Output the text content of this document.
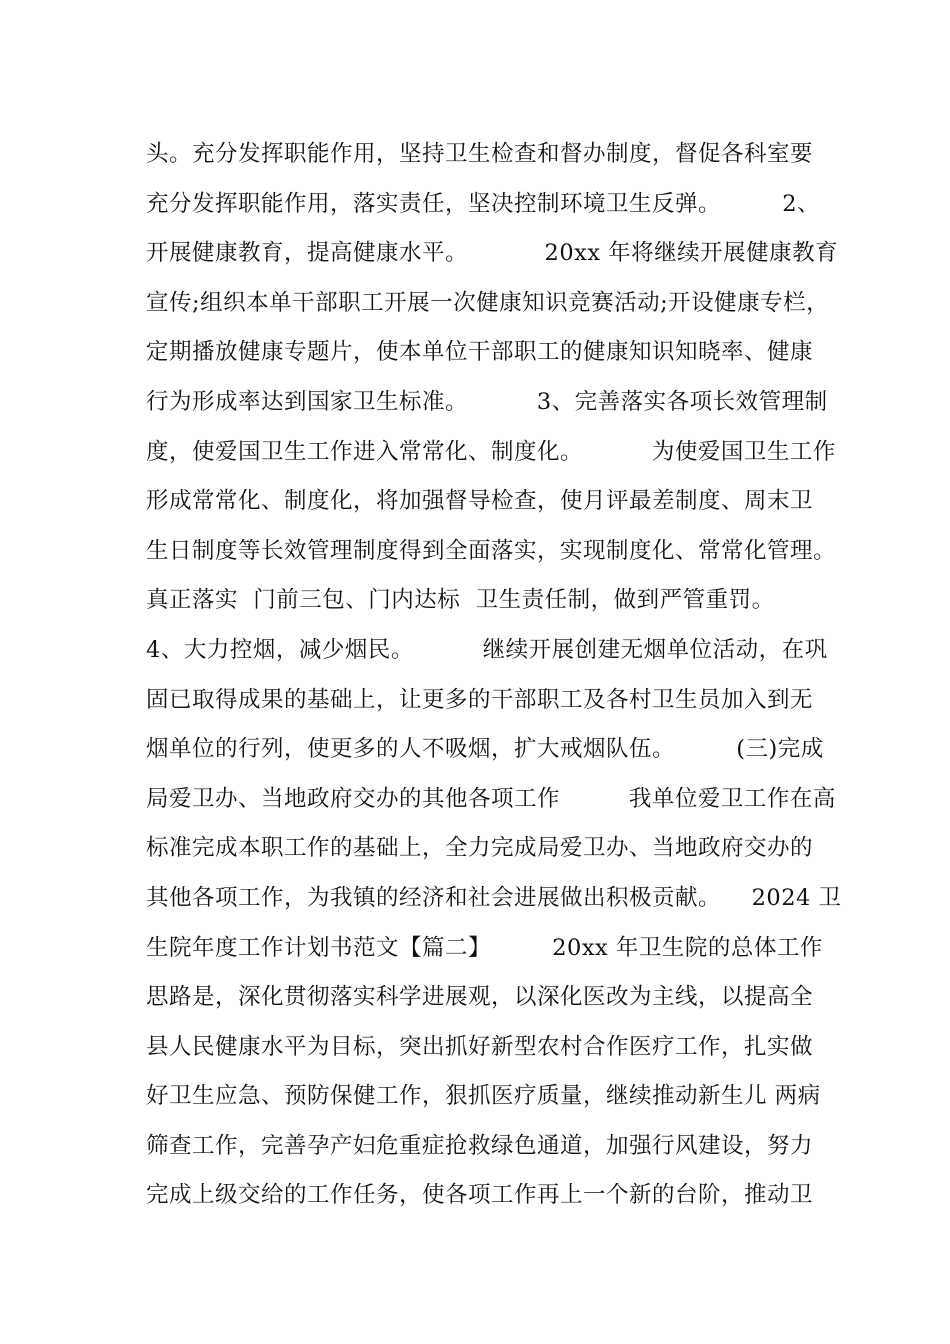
头。充分发挥职能作用，坚持卫生检查和督办制度，督促各科室要
充分发挥职能作用，落实责任，坚决控制环境卫生反弹。        2、
开展健康教育，提高健康水平。          20xx 年将继续开展健康教育
宣传;组织本单干部职工开展一次健康知识竞赛活动;开设健康专栏，
定期播放健康专题片，使本单位干部职工的健康知识知晓率、健康
行为形成率达到国家卫生标准。         3、完善落实各项长效管理制
度，使爱国卫生工作进入常常化、制度化。         为使爱国卫生工作
形成常常化、制度化，将加强督导检查，使月评最差制度、周末卫
生日制度等长效管理制度得到全面落实，实现制度化、常常化管理。
真正落实  门前三包、门内达标  卫生责任制，做到严管重罚。
4、大力控烟，减少烟民。         继续开展创建无烟单位活动，在巩
固已取得成果的基础上，让更多的干部职工及各村卫生员加入到无
烟单位的行列，使更多的人不吸烟，扩大戒烟队伍。        (三)完成
局爱卫办、当地政府交办的其他各项工作         我单位爱卫工作在高
标准完成本职工作的基础上，全力完成局爱卫办、当地政府交办的
其他各项工作，为我镇的经济和社会进展做出积极贡献。    2024 卫
生院年度工作计划书范文【篇二】        20xx 年卫生院的总体工作
思路是，深化贯彻落实科学进展观，以深化医改为主线，以提高全
县人民健康水平为目标，突出抓好新型农村合作医疗工作，扎实做
好卫生应急、预防保健工作，狠抓医疗质量，继续推动新生儿 两病
筛查工作，完善孕产妇危重症抢救绿色通道，加强行风建设，努力
完成上级交给的工作任务，使各项工作再上一个新的台阶，推动卫
